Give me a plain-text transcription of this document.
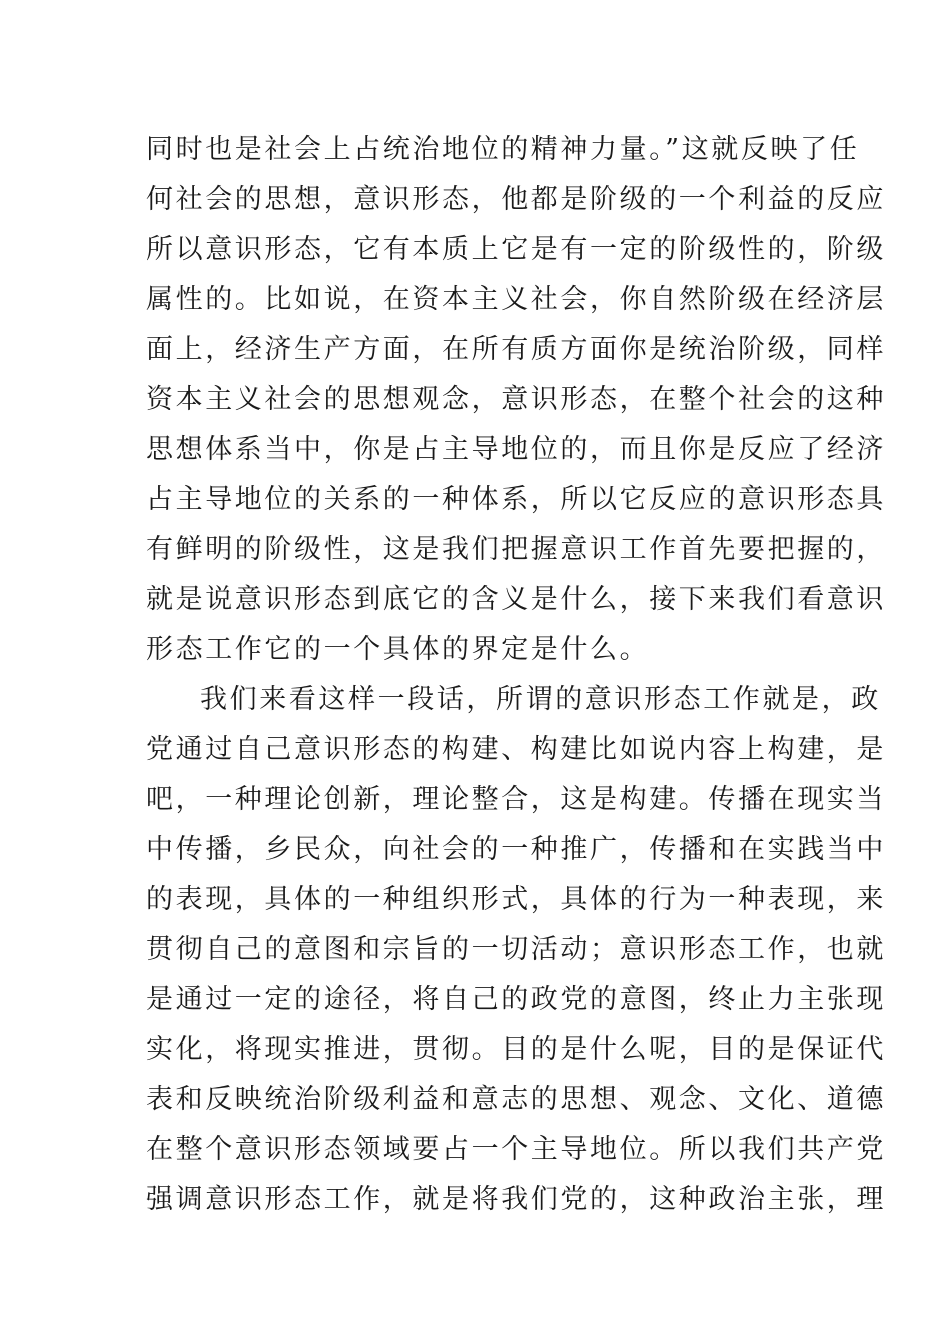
同时也是社会上占统治地位的精神力量。”这就反映了任
何社会的思想，意识形态，他都是阶级的一个利益的反应
所以意识形态，它有本质上它是有一定的阶级性的，阶级
属性的。比如说，在资本主义社会，你自然阶级在经济层
面上，经济生产方面，在所有质方面你是统治阶级，同样
资本主义社会的思想观念，意识形态，在整个社会的这种
思想体系当中，你是占主导地位的，而且你是反应了经济
占主导地位的关系的一种体系，所以它反应的意识形态具
有鲜明的阶级性，这是我们把握意识工作首先要把握的，
就是说意识形态到底它的含义是什么，接下来我们看意识
形态工作它的一个具体的界定是什么。
我们来看这样一段话，所谓的意识形态工作就是，政
党通过自己意识形态的构建、构建比如说内容上构建，是
吧，一种理论创新，理论整合，这是构建。传播在现实当
中传播，乡民众，向社会的一种推广，传播和在实践当中
的表现，具体的一种组织形式，具体的行为一种表现，来
贯彻自己的意图和宗旨的一切活动；意识形态工作，也就
是通过一定的途径，将自己的政党的意图，终止力主张现
实化，将现实推进，贯彻。目的是什么呢，目的是保证代
表和反映统治阶级利益和意志的思想、观念、文化、道德
在整个意识形态领域要占一个主导地位。所以我们共产党
强调意识形态工作，就是将我们党的，这种政治主张，理
